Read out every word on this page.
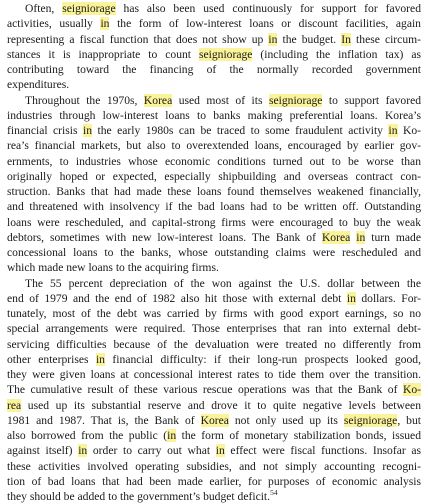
Often, seigniorage has also been used continuously for support for favored
activities, usually in the form of low-interest loans or discount facilities, again
representing a fiscal function that does not show up in the budget. In these circum-
stances it is inappropriate to count seigniorage (including the inflation tax) as
contributing toward the financing of the normally recorded government
expenditures.
Throughout the 1970s, Korea used most of its seigniorage to support favored
industries through low-interest loans to banks making preferential loans. Korea’s
financial crisis in the early 1980s can be traced to some fraudulent activity in Ko-
rea’s financial markets, but also to overextended loans, encouraged by earlier gov-
ernments, to industries whose economic conditions turned out to be worse than
originally hoped or expected, especially shipbuilding and overseas contract con-
struction. Banks that had made these loans found themselves weakened financially,
and threatened with insolvency if the bad loans had to be written off. Outstanding
loans were rescheduled, and capital-strong firms were encouraged to buy the weak
debtors, sometimes with new low-interest loans. The Bank of Korea in turn made
concessional loans to the banks, whose outstanding claims were rescheduled and
which made new loans to the acquiring firms.
The 55 percent depreciation of the won against the U.S. dollar between the
end of 1979 and the end of 1982 also hit those with external debt in dollars. For-
tunately, most of the debt was carried by firms with good export earnings, so no
special arrangements were required. Those enterprises that ran into external debt-
servicing difficulties because of the devaluation were treated no differently from
other enterprises in financial difficulty: if their long-run prospects looked good,
they were given loans at concessional interest rates to tide them over the transition.
The cumulative result of these various rescue operations was that the Bank of Ko-
rea used up its substantial reserve and drove it to quite negative levels between
1981 and 1987. That is, the Bank of Korea not only used up its seigniorage, but
also borrowed from the public (in the form of monetary stabilization bonds, issued
against itself) in order to carry out what in effect were fiscal functions. Insofar as
these activities involved operating subsidies, and not simply accounting recogni-
tion of bad loans that had been made earlier, for purposes of economic analysis
they should be added to the government’s budget deficit.$^{54}$
